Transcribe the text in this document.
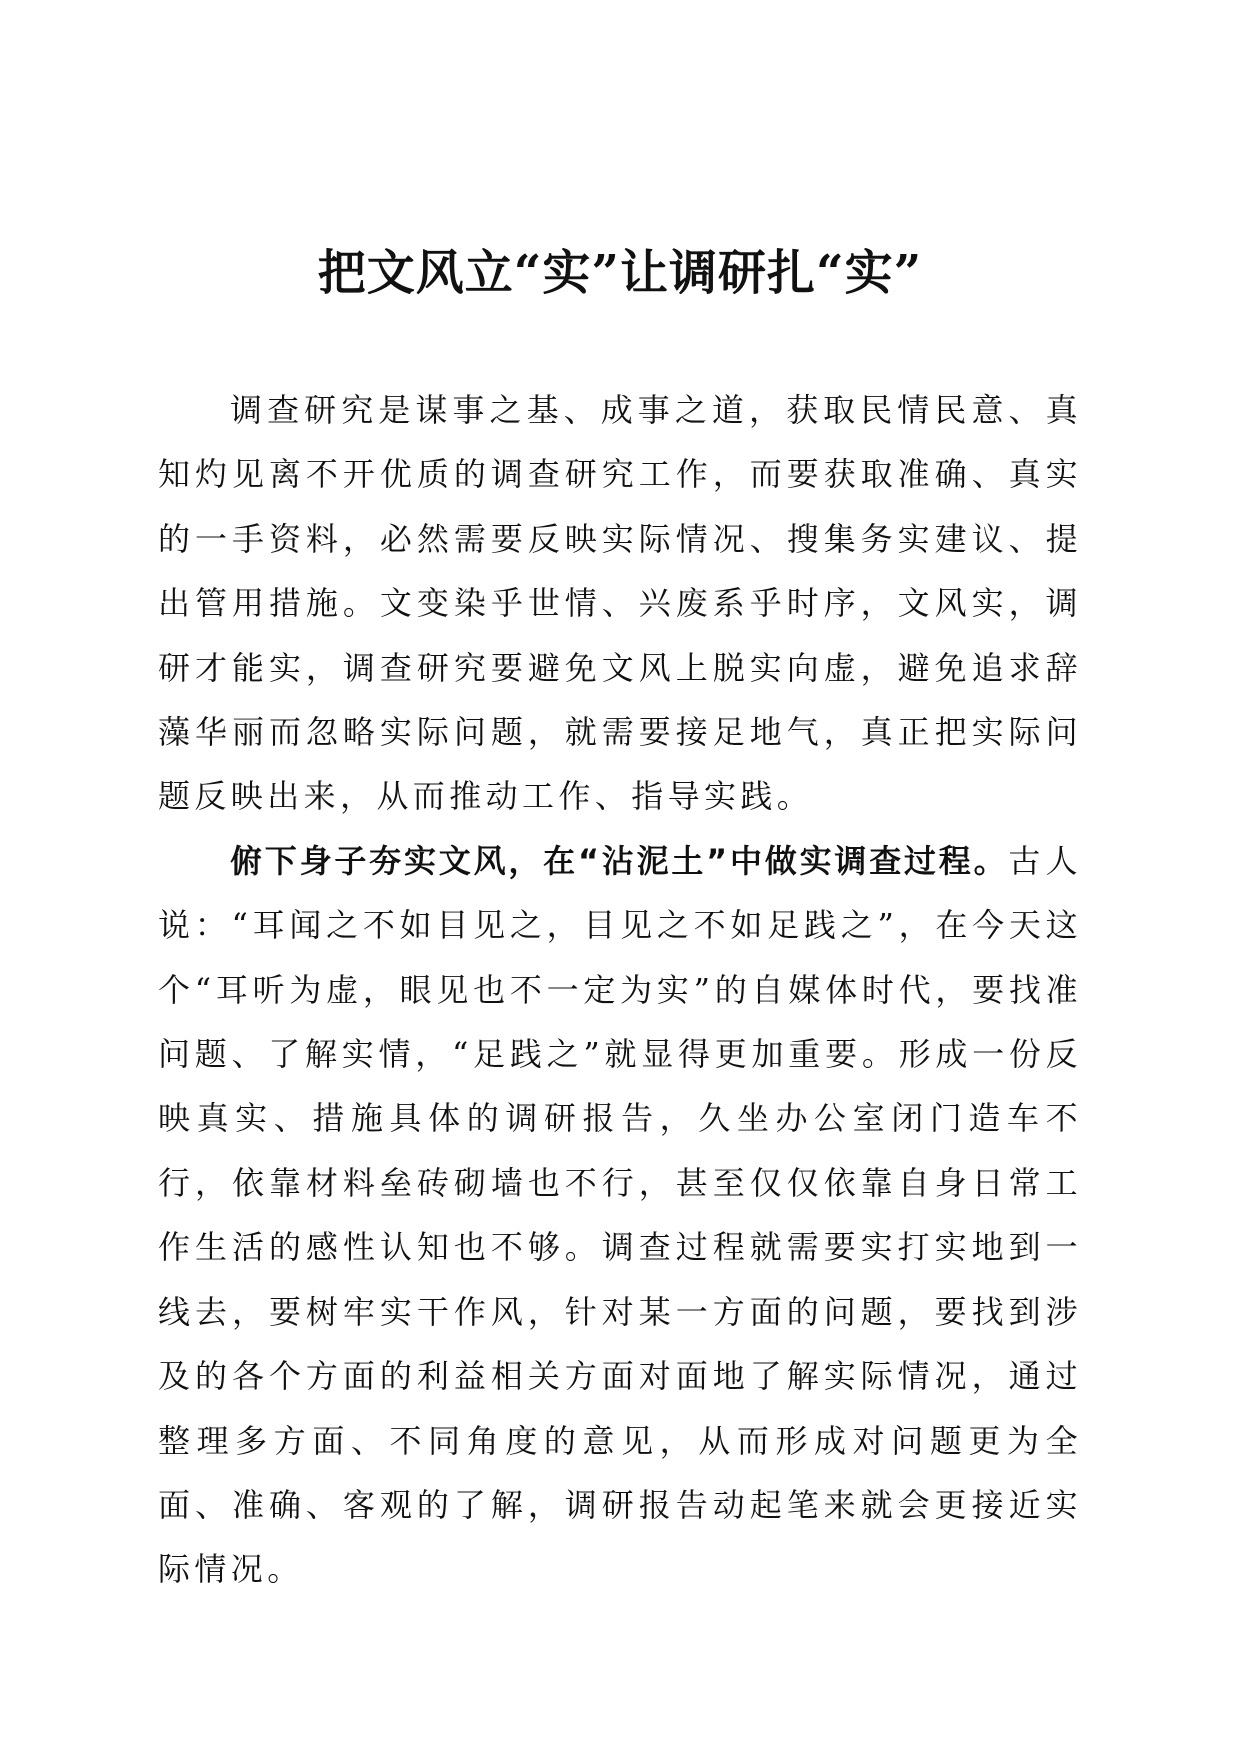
把文风立“实”让调研扎“实”

调查研究是谋事之基、成事之道，获取民情民意、真知灼见离不开优质的调查研究工作，而要获取准确、真实的一手资料，必然需要反映实际情况、搜集务实建议、提出管用措施。文变染乎世情、兴废系乎时序，文风实，调研才能实，调查研究要避免文风上脱实向虚，避免追求辞藻华丽而忽略实际问题，就需要接足地气，真正把实际问题反映出来，从而推动工作、指导实践。

俯下身子夯实文风，在“沾泥土”中做实调查过程。古人说：“耳闻之不如目见之，目见之不如足践之”，在今天这个“耳听为虚，眼见也不一定为实”的自媒体时代，要找准问题、了解实情，“足践之”就显得更加重要。形成一份反映真实、措施具体的调研报告，久坐办公室闭门造车不行，依靠材料垒砖砌墙也不行，甚至仅仅依靠自身日常工作生活的感性认知也不够。调查过程就需要实打实地到一线去，要树牢实干作风，针对某一方面的问题，要找到涉及的各个方面的利益相关方面对面地了解实际情况，通过整理多方面、不同角度的意见，从而形成对问题更为全面、准确、客观的了解，调研报告动起笔来就会更接近实际情况。
